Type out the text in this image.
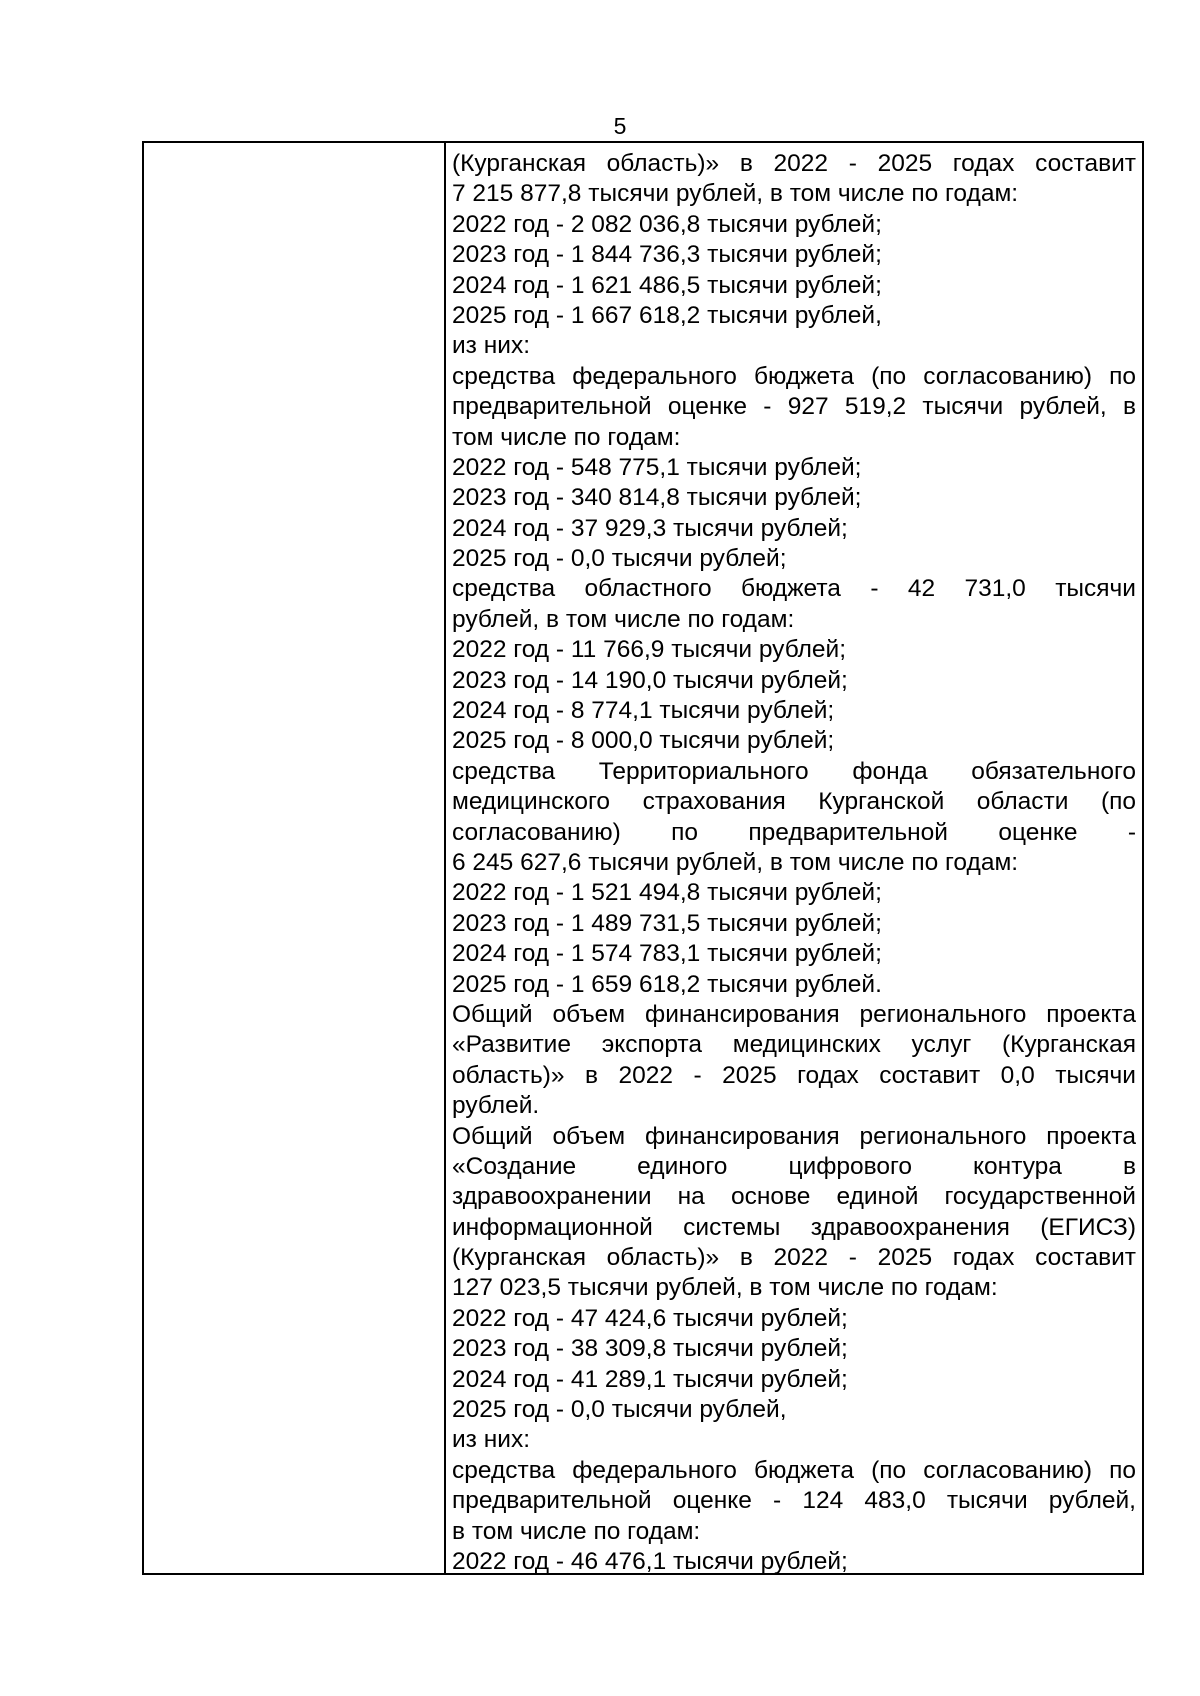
5
(Курганская область)» в 2022 - 2025 годах составит
7 215 877,8 тысячи рублей, в том числе по годам:
2022 год - 2 082 036,8 тысячи рублей;
2023 год - 1 844 736,3 тысячи рублей;
2024 год - 1 621 486,5 тысячи рублей;
2025 год - 1 667 618,2 тысячи рублей,
из них:
средства федерального бюджета (по согласованию) по
предварительной оценке - 927 519,2 тысячи рублей, в
том числе по годам:
2022 год - 548 775,1 тысячи рублей;
2023 год - 340 814,8 тысячи рублей;
2024 год - 37 929,3 тысячи рублей;
2025 год - 0,0 тысячи рублей;
средства областного бюджета - 42 731,0 тысячи
рублей, в том числе по годам:
2022 год - 11 766,9 тысячи рублей;
2023 год - 14 190,0 тысячи рублей;
2024 год - 8 774,1 тысячи рублей;
2025 год - 8 000,0 тысячи рублей;
средства Территориального фонда обязательного
медицинского страхования Курганской области (по
согласованию) по предварительной оценке -
6 245 627,6 тысячи рублей, в том числе по годам:
2022 год - 1 521 494,8 тысячи рублей;
2023 год - 1 489 731,5 тысячи рублей;
2024 год - 1 574 783,1 тысячи рублей;
2025 год - 1 659 618,2 тысячи рублей.
Общий объем финансирования регионального проекта
«Развитие экспорта медицинских услуг (Курганская
область)» в 2022 - 2025 годах составит 0,0 тысячи
рублей.
Общий объем финансирования регионального проекта
«Создание единого цифрового контура в
здравоохранении на основе единой государственной
информационной системы здравоохранения (ЕГИСЗ)
(Курганская область)» в 2022 - 2025 годах составит
127 023,5 тысячи рублей, в том числе по годам:
2022 год - 47 424,6 тысячи рублей;
2023 год - 38 309,8 тысячи рублей;
2024 год - 41 289,1 тысячи рублей;
2025 год - 0,0 тысячи рублей,
из них:
средства федерального бюджета (по согласованию) по
предварительной оценке - 124 483,0 тысячи рублей,
в том числе по годам:
2022 год - 46 476,1 тысячи рублей;
